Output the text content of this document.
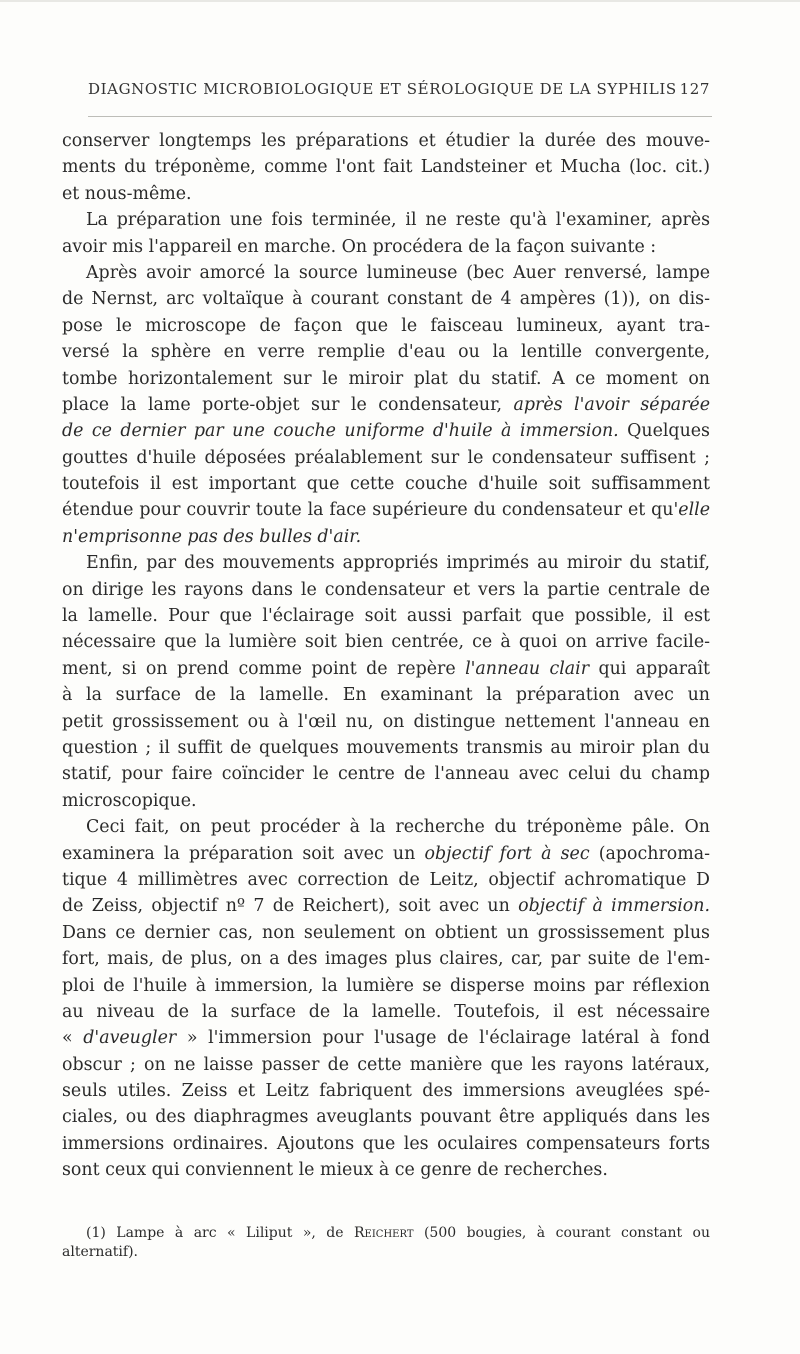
DIAGNOSTIC MICROBIOLOGIQUE ET SÉROLOGIQUE DE LA SYPHILIS 127
conserver longtemps les préparations et étudier la durée des mouve-
ments du tréponème, comme l'ont fait Landsteiner et Mucha (loc. cit.)
et nous-même.
La préparation une fois terminée, il ne reste qu'à l'examiner, après
avoir mis l'appareil en marche. On procédera de la façon suivante :
Après avoir amorcé la source lumineuse (bec Auer renversé, lampe
de Nernst, arc voltaïque à courant constant de 4 ampères (1)), on dis-
pose le microscope de façon que le faisceau lumineux, ayant tra-
versé la sphère en verre remplie d'eau ou la lentille convergente,
tombe horizontalement sur le miroir plat du statif. A ce moment on
place la lame porte-objet sur le condensateur, après l'avoir séparée
de ce dernier par une couche uniforme d'huile à immersion. Quelques
gouttes d'huile déposées préalablement sur le condensateur suffisent ;
toutefois il est important que cette couche d'huile soit suffisamment
étendue pour couvrir toute la face supérieure du condensateur et qu'elle
n'emprisonne pas des bulles d'air.
Enfin, par des mouvements appropriés imprimés au miroir du statif,
on dirige les rayons dans le condensateur et vers la partie centrale de
la lamelle. Pour que l'éclairage soit aussi parfait que possible, il est
nécessaire que la lumière soit bien centrée, ce à quoi on arrive facile-
ment, si on prend comme point de repère l'anneau clair qui apparaît
à la surface de la lamelle. En examinant la préparation avec un
petit grossissement ou à l'œil nu, on distingue nettement l'anneau en
question ; il suffit de quelques mouvements transmis au miroir plan du
statif, pour faire coïncider le centre de l'anneau avec celui du champ
microscopique.
Ceci fait, on peut procéder à la recherche du tréponème pâle. On
examinera la préparation soit avec un objectif fort à sec (apochroma-
tique 4 millimètres avec correction de Leitz, objectif achromatique D
de Zeiss, objectif nº 7 de Reichert), soit avec un objectif à immersion.
Dans ce dernier cas, non seulement on obtient un grossissement plus
fort, mais, de plus, on a des images plus claires, car, par suite de l'em-
ploi de l'huile à immersion, la lumière se disperse moins par réflexion
au niveau de la surface de la lamelle. Toutefois, il est nécessaire
« d'aveugler » l'immersion pour l'usage de l'éclairage latéral à fond
obscur ; on ne laisse passer de cette manière que les rayons latéraux,
seuls utiles. Zeiss et Leitz fabriquent des immersions aveuglées spé-
ciales, ou des diaphragmes aveuglants pouvant être appliqués dans les
immersions ordinaires. Ajoutons que les oculaires compensateurs forts
sont ceux qui conviennent le mieux à ce genre de recherches.
(1) Lampe à arc « Liliput », de Reichert (500 bougies, à courant constant ou
alternatif).
